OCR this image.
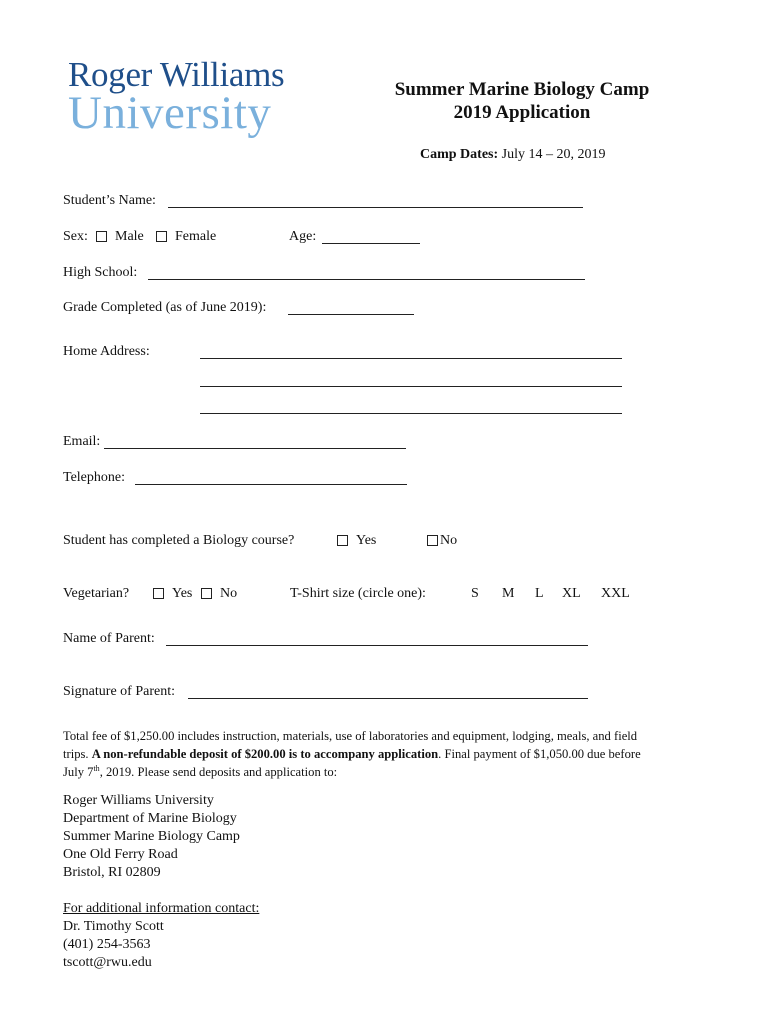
Roger Williams
University	Summer Marine Biology Camp
2019 Application
Camp Dates: July 14 – 20, 2019
Student’s Name:
Sex: Male Female	Age:
High School:
Grade Completed (as of June 2019):
Home Address:
Email:
Telephone:
Student has completed a Biology course?	Yes	No
Vegetarian?	Yes No	T-Shirt size (circle one):	S M L XL XXL
Name of Parent:
Signature of Parent:
Total fee of $1,250.00 includes instruction, materials, use of laboratories and equipment, lodging, meals, and field trips. A non-refundable deposit of $200.00 is to accompany application. Final payment of $1,050.00 due before July 7th, 2019. Please send deposits and application to:
Roger Williams University
Department of Marine Biology
Summer Marine Biology Camp
One Old Ferry Road
Bristol, RI 02809
For additional information contact:
Dr. Timothy Scott
(401) 254-3563
tscott@rwu.edu
